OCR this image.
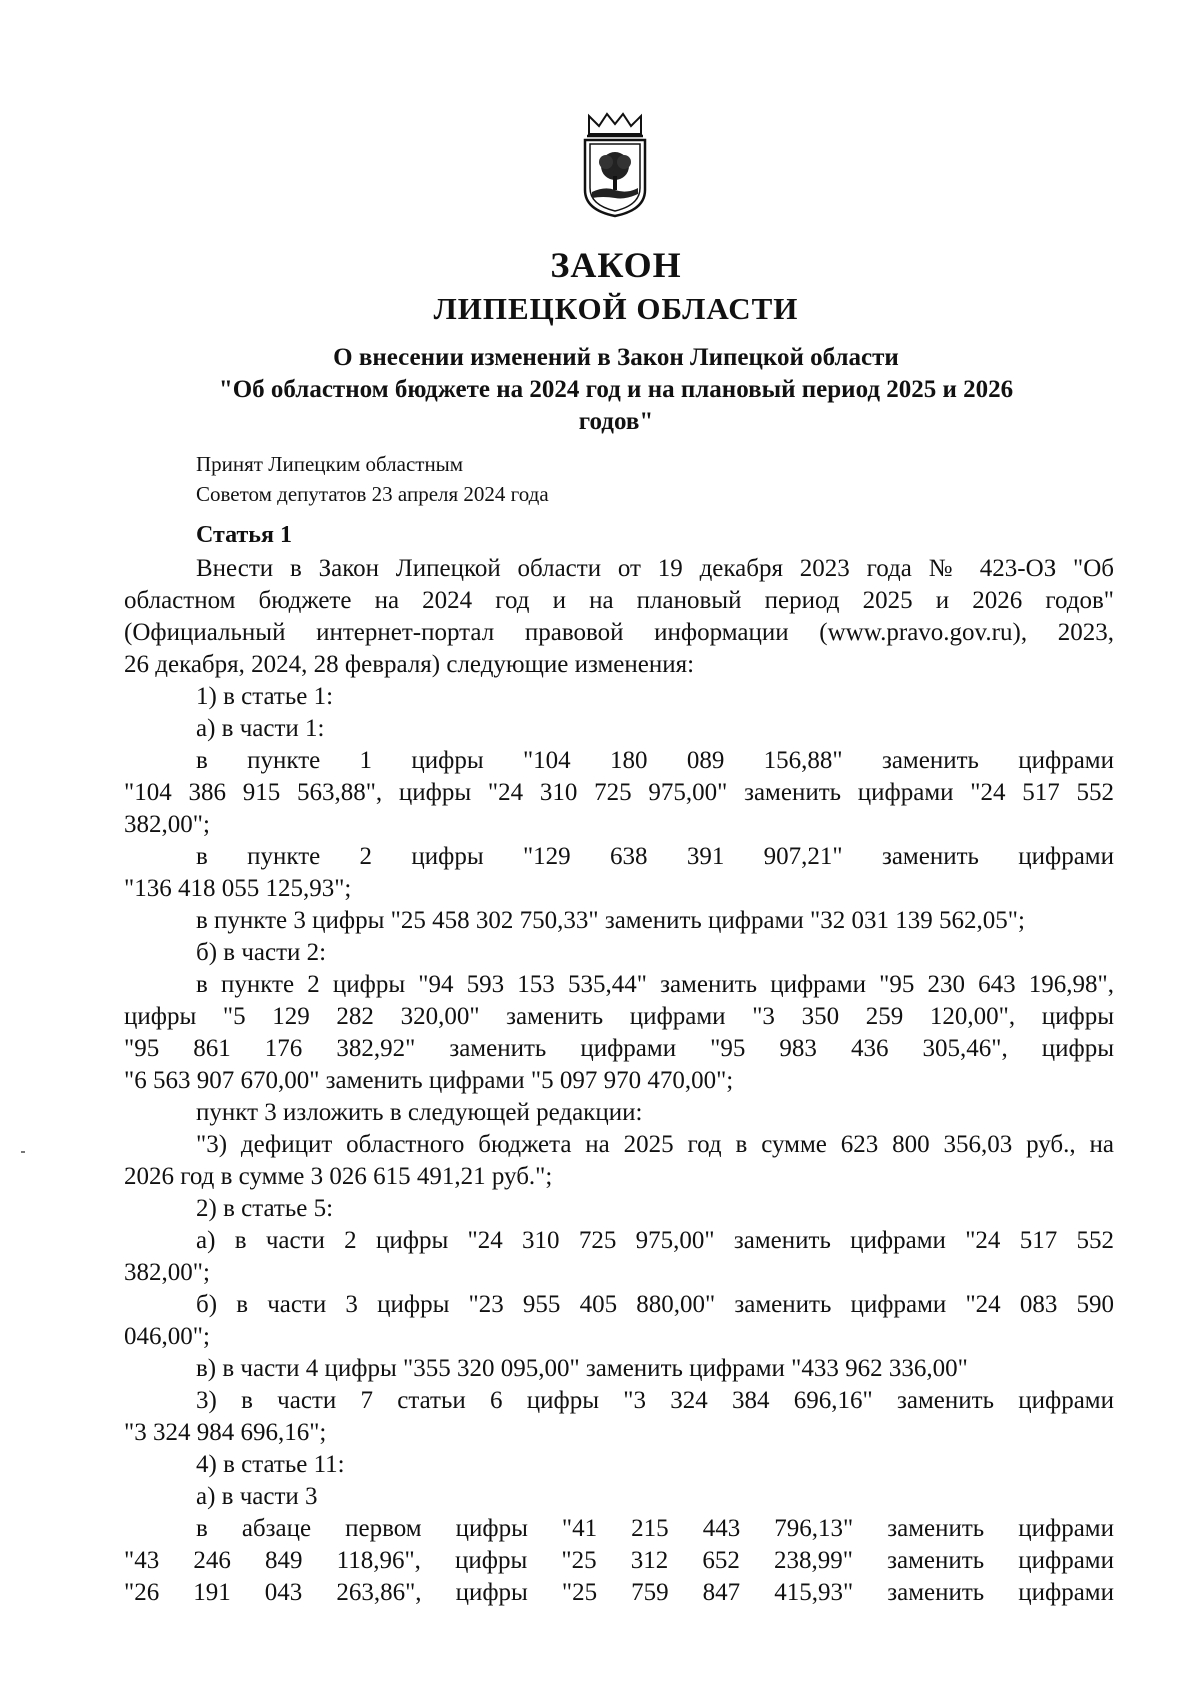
ЗАКОН
ЛИПЕЦКОЙ ОБЛАСТИ
О внесении изменений в Закон Липецкой области
"Об областном бюджете на 2024 год и на плановый период 2025 и 2026
годов"
Принят Липецким областным
Советом депутатов 23 апреля 2024 года
Статья 1
Внести в Закон Липецкой области от 19 декабря 2023 года № 423-ОЗ "Об
областном бюджете на 2024 год и на плановый период 2025 и 2026 годов"
(Официальный интернет-портал правовой информации (www.pravo.gov.ru), 2023,
26 декабря, 2024, 28 февраля) следующие изменения:
1) в статье 1:
а) в части 1:
в пункте 1 цифры "104 180 089 156,88" заменить цифрами
"104 386 915 563,88", цифры "24 310 725 975,00" заменить цифрами "24 517 552
382,00";
в пункте 2 цифры "129 638 391 907,21" заменить цифрами
"136 418 055 125,93";
в пункте 3 цифры "25 458 302 750,33" заменить цифрами "32 031 139 562,05";
б) в части 2:
в пункте 2 цифры "94 593 153 535,44" заменить цифрами "95 230 643 196,98",
цифры "5 129 282 320,00" заменить цифрами "3 350 259 120,00", цифры
"95 861 176 382,92" заменить цифрами "95 983 436 305,46", цифры
"6 563 907 670,00" заменить цифрами "5 097 970 470,00";
пункт 3 изложить в следующей редакции:
"3) дефицит областного бюджета на 2025 год в сумме 623 800 356,03 руб., на
2026 год в сумме 3 026 615 491,21 руб.";
2) в статье 5:
а) в части 2 цифры "24 310 725 975,00" заменить цифрами "24 517 552
382,00";
б) в части 3 цифры "23 955 405 880,00" заменить цифрами "24 083 590
046,00";
в) в части 4 цифры "355 320 095,00" заменить цифрами "433 962 336,00"
3) в части 7 статьи 6 цифры "3 324 384 696,16" заменить цифрами
"3 324 984 696,16";
4) в статье 11:
а) в части 3
в абзаце первом цифры "41 215 443 796,13" заменить цифрами
"43 246 849 118,96", цифры "25 312 652 238,99" заменить цифрами
"26 191 043 263,86", цифры "25 759 847 415,93" заменить цифрами
